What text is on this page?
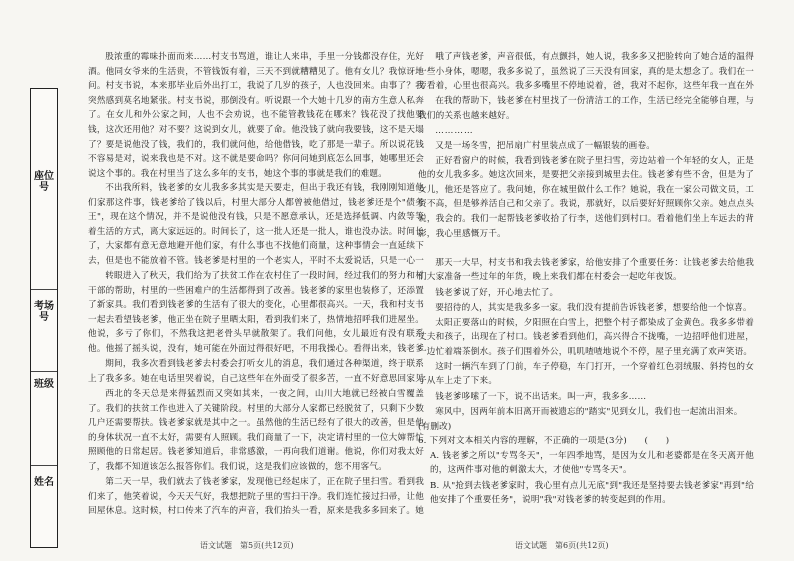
座位号
考场号
班级
姓名

股浓重的霉味扑面而来……村支书骂道，谁让人来串，手里一分钱都没存住，光好酒。他同女爷来的生活贵，不管钱饭有着，三天不到就糟糟见了。他有女儿？我惊讶地问。村支书说，本来那毕业后外出打工，我说了几岁的孩子，人也没回来。由事了？我突然感到莫名地紧张。村支书说，那倒没有。听说跟一个大她十几岁的南方生意人私奔了。在女儿和外公家之间，人也不会劝说，也不能管教钱花在哪来？钱花没了找他要钱，这次还用他？对不要？这说到女儿，就要了命。他没钱了就向我要钱，这不是天塌了？要是说他没了钱，我们的，我们就问他，给他借钱，吃了那是一辈子。所以说花钱不容易是对，说来我也是不对。这不就是要命吗？你问问她到底怎么回事，她哪里还会说这个事的。我在村里当了这么多年的支书，她这个事的事就是我们的难题。

不出我所料，钱老爹的女儿我多多其实是天要走，但出于我还有钱，我刚刚知道他们家那这件事，钱老爹给了钱以后，村里大部分人都曾被他借过，钱老爹还是个"债务王"，现在这个情况，并不是说他没有钱，只是不愿意承认，还是选择低调、内敛等等着生活的方式，离大家远远的。时间长了，这一批人还是一批人，谁也没办法。时间长了，大家都有意无意地避开他们家，有什么事也不找他们商量，这种事情会一直延续下去，但是也不能放着不管。钱老爹是村里的一个老实人，平时不太爱说话，只是一心一

转眼进入了秋天，我们给为了扶贫工作在农村住了一段时间，经过我们的努力和村干部的帮助，村里的一些困难户的生活都得到了改善。钱老爹的家里也装修了，还添置了新家具。我们看到钱老爹的生活有了很大的变化，心里都很高兴。一天，我和村支书一起去看望钱老爹，他正坐在院子里晒太阳，看到我们来了，热情地招呼我们进屋坐。他说，多亏了你们，不然我这把老骨头早就散架了。我们问他，女儿最近有没有联系他。他摇了摇头说，没有，她可能在外面过得很好吧，不用我操心。看得出来，钱老爹

期间，我多次看到钱老爹去村委会打听女儿的消息，我们通过各种渠道，终于联系上了我多多。她在电话里哭着说，自己这些年在外面受了很多苦，一直不好意思回家见

西北的冬天总是来得猛烈而又突如其来，一夜之间，山川大地就已经被白雪覆盖了。我们的扶贫工作也进入了关键阶段。村里的大部分人家都已经脱贫了，只剩下少数几户还需要帮扶。钱老爹家就是其中之一。虽然他的生活已经有了很大的改善，但是他的身体状况一直不太好，需要有人照顾。我们商量了一下，决定请村里的一位大婶帮忙照顾他的日常起居。钱老爹知道后，非常感激，一再向我们道谢。他说，你们对我太好了，我都不知道该怎么报答你们。我们说，这是我们应该做的，您不用客气。

第二天一早，我们就去了钱老爹家，发现他已经起床了，正在院子里扫雪。看到我们来了，他笑着说，今天天气好，我想把院子里的雪扫干净。我们连忙接过扫帚，让他回屋休息。这时候，村口传来了汽车的声音，我们抬头一看，原来是我多多回来了。她

语文试题　第5页(共12页)

哦了声钱老爹，声音很低，有点颤抖，她人说，我多多又把脸转向了她合适的温得一些小身体，嗯嗯，我多多说了，虽然说了三天没有回家，真的是太想念了。我们在一旁看着，心里也很高兴。我多多嘴里不停地说着，爸，我对不起你，这些年我一直在外

在我的帮助下，钱老爹在村里找了一份清洁工的工作，生活已经完全能够自理，与我们的关系也越来越好。

…………

又是一场冬雪，把吊扇广村里装点成了一幅银装的画卷。

正好看窗户的时候，我看到钱老爹在院子里扫雪，旁边站着一个年轻的女人，正是他的女儿我多多。她这次回来，是要把父亲接到城里去住。钱老爹有些不舍，但是为了女儿，他还是答应了。我问她，你在城里做什么工作？她说，我在一家公司做文员，工资不高，但是够养活自己和父亲了。我说，那就好，以后要好好照顾你父亲。她点点头说，我会的。我们一起帮钱老爹收拾了行李，送他们到村口。看着他们坐上车远去的背影，我心里感慨万千。

那天一大早，村支书和我去钱老爹家，给他安排了个重要任务：让钱老爹去给他我们大家准备一些过年的年货，晚上来我们都在村委会一起吃年夜饭。

钱老爹说了好，开心地去忙了。

要招待的人，其实是我多多一家。我们没有提前告诉钱老爹，想要给他一个惊喜。

太阳正要落山的时候，夕阳照在白雪上，把整个村子都染成了金黄色。我多多带着丈夫和孩子，出现在了村口。钱老爹看到他们，高兴得合不拢嘴，一边招呼他们进屋，一边忙着端茶倒水。孩子们围着外公，叽叽喳喳地说个不停，屋子里充满了欢声笑语。

这时一辆汽车到了门前，车子停稳，车门打开，一个穿着红色羽绒服、斜挎包的女子从车上走了下来。

钱老爹哆嗦了一下，说不出话来。叫一声，我多多……

寒风中，因两年前本旧离开而被遗忘的"踏实"见到女儿，我们也一起流出泪来。

(有删改)

6. 下列对文本相关内容的理解，不正确的一项是(3分)　　(　　)

A. 钱老爹之所以"专骂冬天"，一年四季地骂，是因为女儿和老婆都是在冬天离开他的，这两件事对他的刺激太大，才使他"专骂冬天"。

B. 从"抢到去钱老爹家时，我心里有点儿无底"到"我还是坚持要去钱老爹家"再到"给他安排了个重要任务"，说明"我"对钱老爹的转变起到的作用。

语文试题　第6页(共12页)
